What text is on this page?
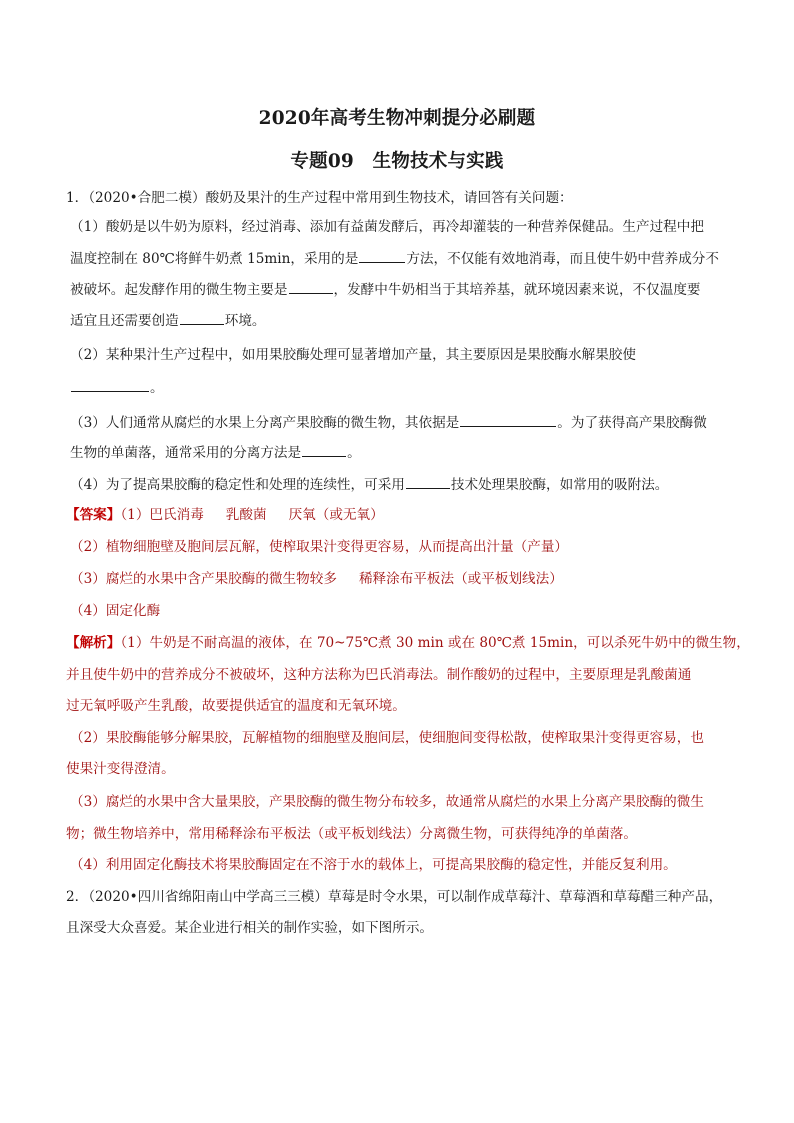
2020年高考生物冲刺提分必刷题
专题09　生物技术与实践
1．（2020•合肥二模）酸奶及果汁的生产过程中常用到生物技术，请回答有关问题：
（1）酸奶是以牛奶为原料，经过消毒、添加有益菌发酵后，再冷却灌装的一种营养保健品。生产过程中把
温度控制在 80℃将鲜牛奶煮 15min，采用的是	方法，不仅能有效地消毒，而且使牛奶中营养成分不
被破坏。起发酵作用的微生物主要是	，发酵中牛奶相当于其培养基，就环境因素来说，不仅温度要
适宜且还需要创造	环境。
（2）某种果汁生产过程中，如用果胶酶处理可显著增加产量，其主要原因是果胶酶水解果胶使
。
（3）人们通常从腐烂的水果上分离产果胶酶的微生物，其依据是	。为了获得高产果胶酶微
生物的单菌落，通常采用的分离方法是	。
（4）为了提高果胶酶的稳定性和处理的连续性，可采用	技术处理果胶酶，如常用的吸附法。
【答案】（1）巴氏消毒 乳酸菌 厌氧（或无氧）
（2）植物细胞壁及胞间层瓦解，使榨取果汁变得更容易，从而提高出汁量（产量）
（3）腐烂的水果中含产果胶酶的微生物较多 稀释涂布平板法（或平板划线法）
（4）固定化酶
【解析】（1）牛奶是不耐高温的液体，在 70~75℃煮 30 min 或在 80℃煮 15min，可以杀死牛奶中的微生物，
并且使牛奶中的营养成分不被破坏，这种方法称为巴氏消毒法。制作酸奶的过程中，主要原理是乳酸菌通
过无氧呼吸产生乳酸，故要提供适宜的温度和无氧环境。
（2）果胶酶能够分解果胶，瓦解植物的细胞壁及胞间层，使细胞间变得松散，使榨取果汁变得更容易，也
使果汁变得澄清。
（3）腐烂的水果中含大量果胶，产果胶酶的微生物分布较多，故通常从腐烂的水果上分离产果胶酶的微生
物；微生物培养中，常用稀释涂布平板法（或平板划线法）分离微生物，可获得纯净的单菌落。
（4）利用固定化酶技术将果胶酶固定在不溶于水的载体上，可提高果胶酶的稳定性，并能反复利用。
2．（2020•四川省绵阳南山中学高三三模）草莓是时令水果，可以制作成草莓汁、草莓酒和草莓醋三种产品，
且深受大众喜爱。某企业进行相关的制作实验，如下图所示。
